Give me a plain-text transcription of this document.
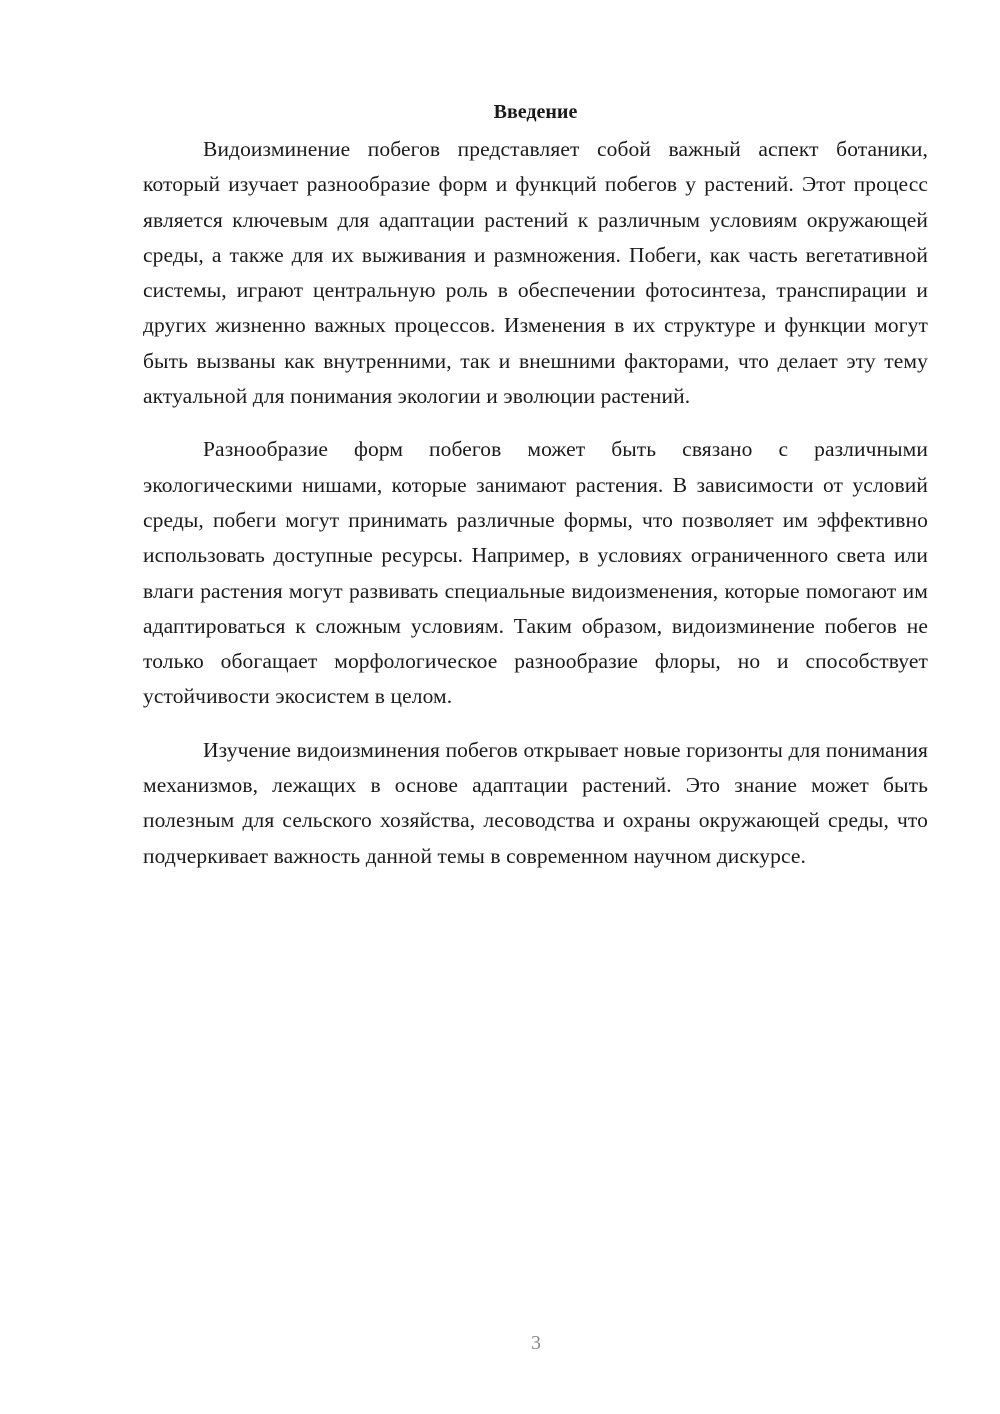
Введение

Видоизминение побегов представляет собой важный аспект ботаники, который изучает разнообразие форм и функций побегов у растений. Этот процесс является ключевым для адаптации растений к различным условиям окружающей среды, а также для их выживания и размножения. Побеги, как часть вегетативной системы, играют центральную роль в обеспечении фотосинтеза, транспирации и других жизненно важных процессов. Изменения в их структуре и функции могут быть вызваны как внутренними, так и внешними факторами, что делает эту тему актуальной для понимания экологии и эволюции растений.

Разнообразие форм побегов может быть связано с различными экологическими нишами, которые занимают растения. В зависимости от условий среды, побеги могут принимать различные формы, что позволяет им эффективно использовать доступные ресурсы. Например, в условиях ограниченного света или влаги растения могут развивать специальные видоизменения, которые помогают им адаптироваться к сложным условиям. Таким образом, видоизминение побегов не только обогащает морфологическое разнообразие флоры, но и способствует устойчивости экосистем в целом.

Изучение видоизминения побегов открывает новые горизонты для понимания механизмов, лежащих в основе адаптации растений. Это знание может быть полезным для сельского хозяйства, лесоводства и охраны окружающей среды, что подчеркивает важность данной темы в современном научном дискурсе.

3
